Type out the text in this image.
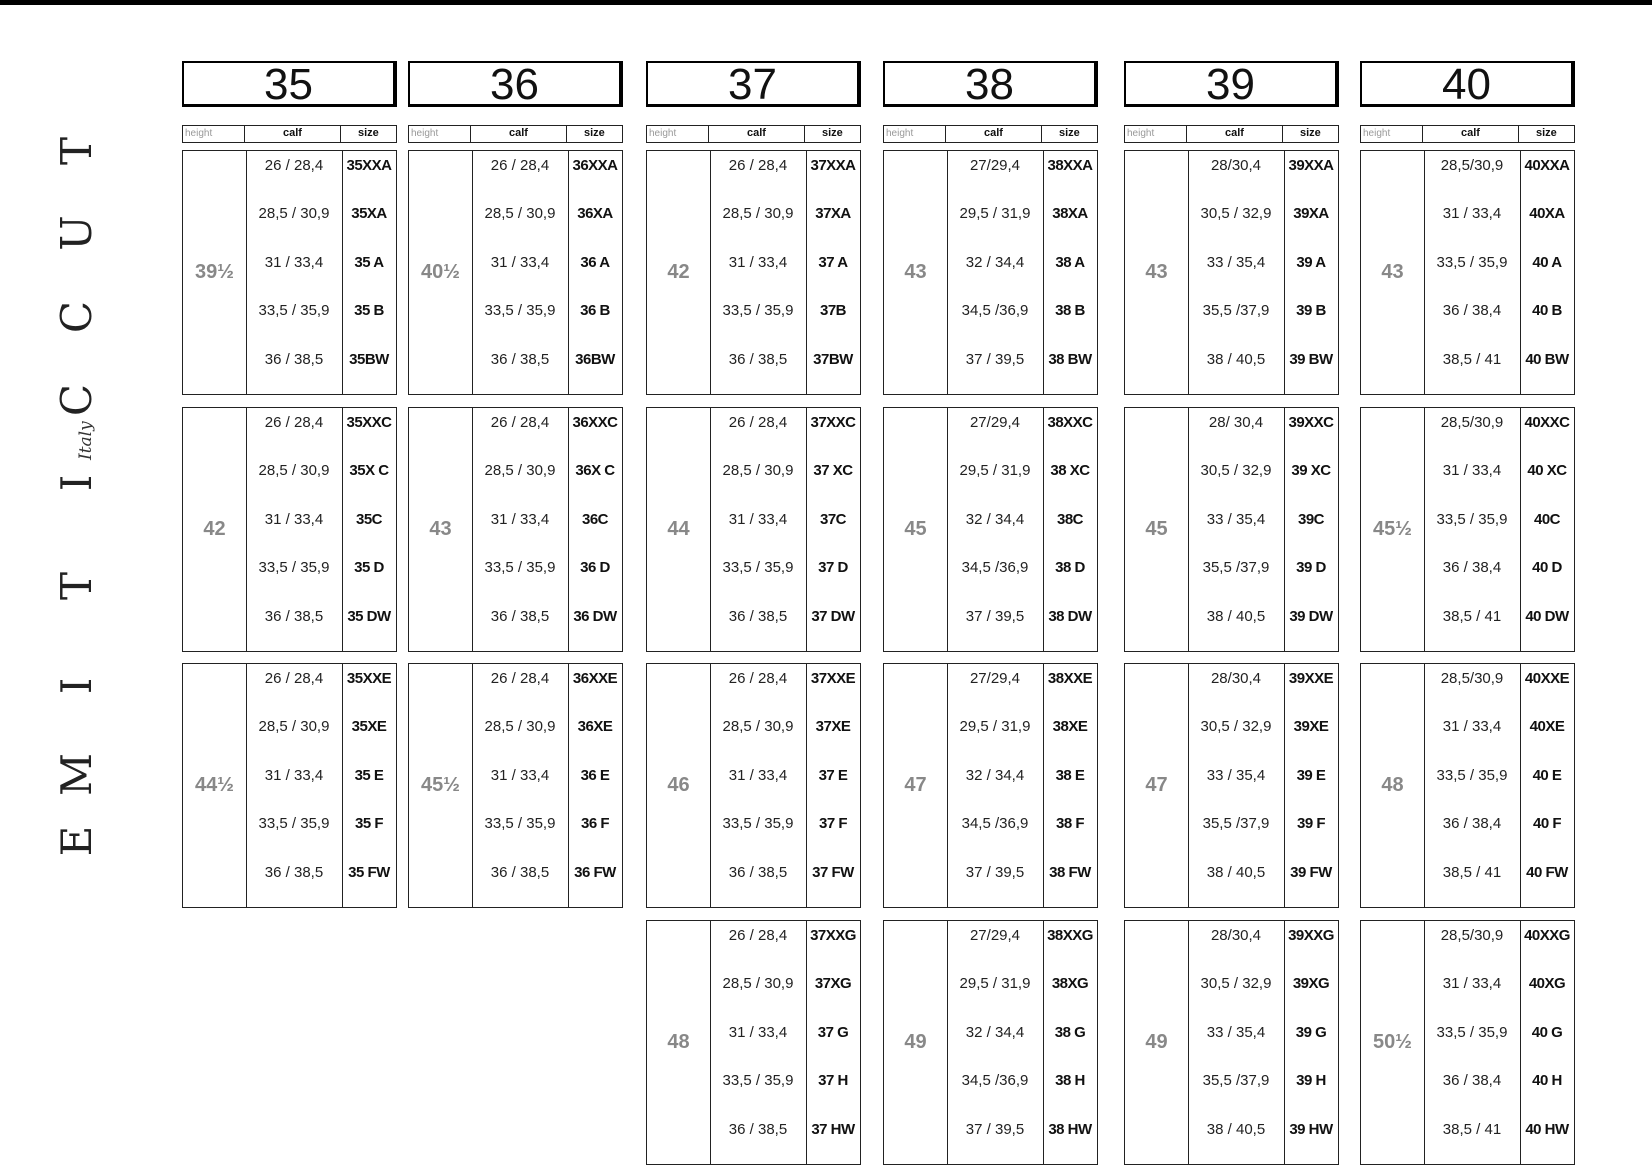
T
U
C
C
I
T
I
M
E
Italy
35
height	calf	size
39½
26 / 28,4	35XXA
28,5 / 30,9	35XA
31 / 33,4	35 A
33,5 / 35,9	35 B
36 / 38,5	35BW
42
26 / 28,4	35XXC
28,5 / 30,9	35X C
31 / 33,4	35C
33,5 / 35,9	35 D
36 / 38,5	35 DW
44½
26 / 28,4	35XXE
28,5 / 30,9	35XE
31 / 33,4	35 E
33,5 / 35,9	35 F
36 / 38,5	35 FW
36
height	calf	size
40½
26 / 28,4	36XXA
28,5 / 30,9	36XA
31 / 33,4	36 A
33,5 / 35,9	36 B
36 / 38,5	36BW
43
26 / 28,4	36XXC
28,5 / 30,9	36X C
31 / 33,4	36C
33,5 / 35,9	36 D
36 / 38,5	36 DW
45½
26 / 28,4	36XXE
28,5 / 30,9	36XE
31 / 33,4	36 E
33,5 / 35,9	36 F
36 / 38,5	36 FW
37
height	calf	size
42
26 / 28,4	37XXA
28,5 / 30,9	37XA
31 / 33,4	37 A
33,5 / 35,9	37B
36 / 38,5	37BW
44
26 / 28,4	37XXC
28,5 / 30,9	37 XC
31 / 33,4	37C
33,5 / 35,9	37 D
36 / 38,5	37 DW
46
26 / 28,4	37XXE
28,5 / 30,9	37XE
31 / 33,4	37 E
33,5 / 35,9	37 F
36 / 38,5	37 FW
48
26 / 28,4	37XXG
28,5 / 30,9	37XG
31 / 33,4	37 G
33,5 / 35,9	37 H
36 / 38,5	37 HW
38
height	calf	size
43
27/29,4	38XXA
29,5 / 31,9	38XA
32 / 34,4	38 A
34,5 /36,9	38 B
37 / 39,5	38 BW
45
27/29,4	38XXC
29,5 / 31,9	38 XC
32 / 34,4	38C
34,5 /36,9	38 D
37 / 39,5	38 DW
47
27/29,4	38XXE
29,5 / 31,9	38XE
32 / 34,4	38 E
34,5 /36,9	38 F
37 / 39,5	38 FW
49
27/29,4	38XXG
29,5 / 31,9	38XG
32 / 34,4	38 G
34,5 /36,9	38 H
37 / 39,5	38 HW
39
height	calf	size
43
28/30,4	39XXA
30,5 / 32,9	39XA
33 / 35,4	39 A
35,5 /37,9	39 B
38 / 40,5	39 BW
45
28/ 30,4	39XXC
30,5 / 32,9	39 XC
33 / 35,4	39C
35,5 /37,9	39 D
38 / 40,5	39 DW
47
28/30,4	39XXE
30,5 / 32,9	39XE
33 / 35,4	39 E
35,5 /37,9	39 F
38 / 40,5	39 FW
49
28/30,4	39XXG
30,5 / 32,9	39XG
33 / 35,4	39 G
35,5 /37,9	39 H
38 / 40,5	39 HW
40
height	calf	size
43
28,5/30,9	40XXA
31 / 33,4	40XA
33,5 / 35,9	40 A
36 / 38,4	40 B
38,5 / 41	40 BW
45½
28,5/30,9	40XXC
31 / 33,4	40 XC
33,5 / 35,9	40C
36 / 38,4	40 D
38,5 / 41	40 DW
48
28,5/30,9	40XXE
31 / 33,4	40XE
33,5 / 35,9	40 E
36 / 38,4	40 F
38,5 / 41	40 FW
50½
28,5/30,9	40XXG
31 / 33,4	40XG
33,5 / 35,9	40 G
36 / 38,4	40 H
38,5 / 41	40 HW
